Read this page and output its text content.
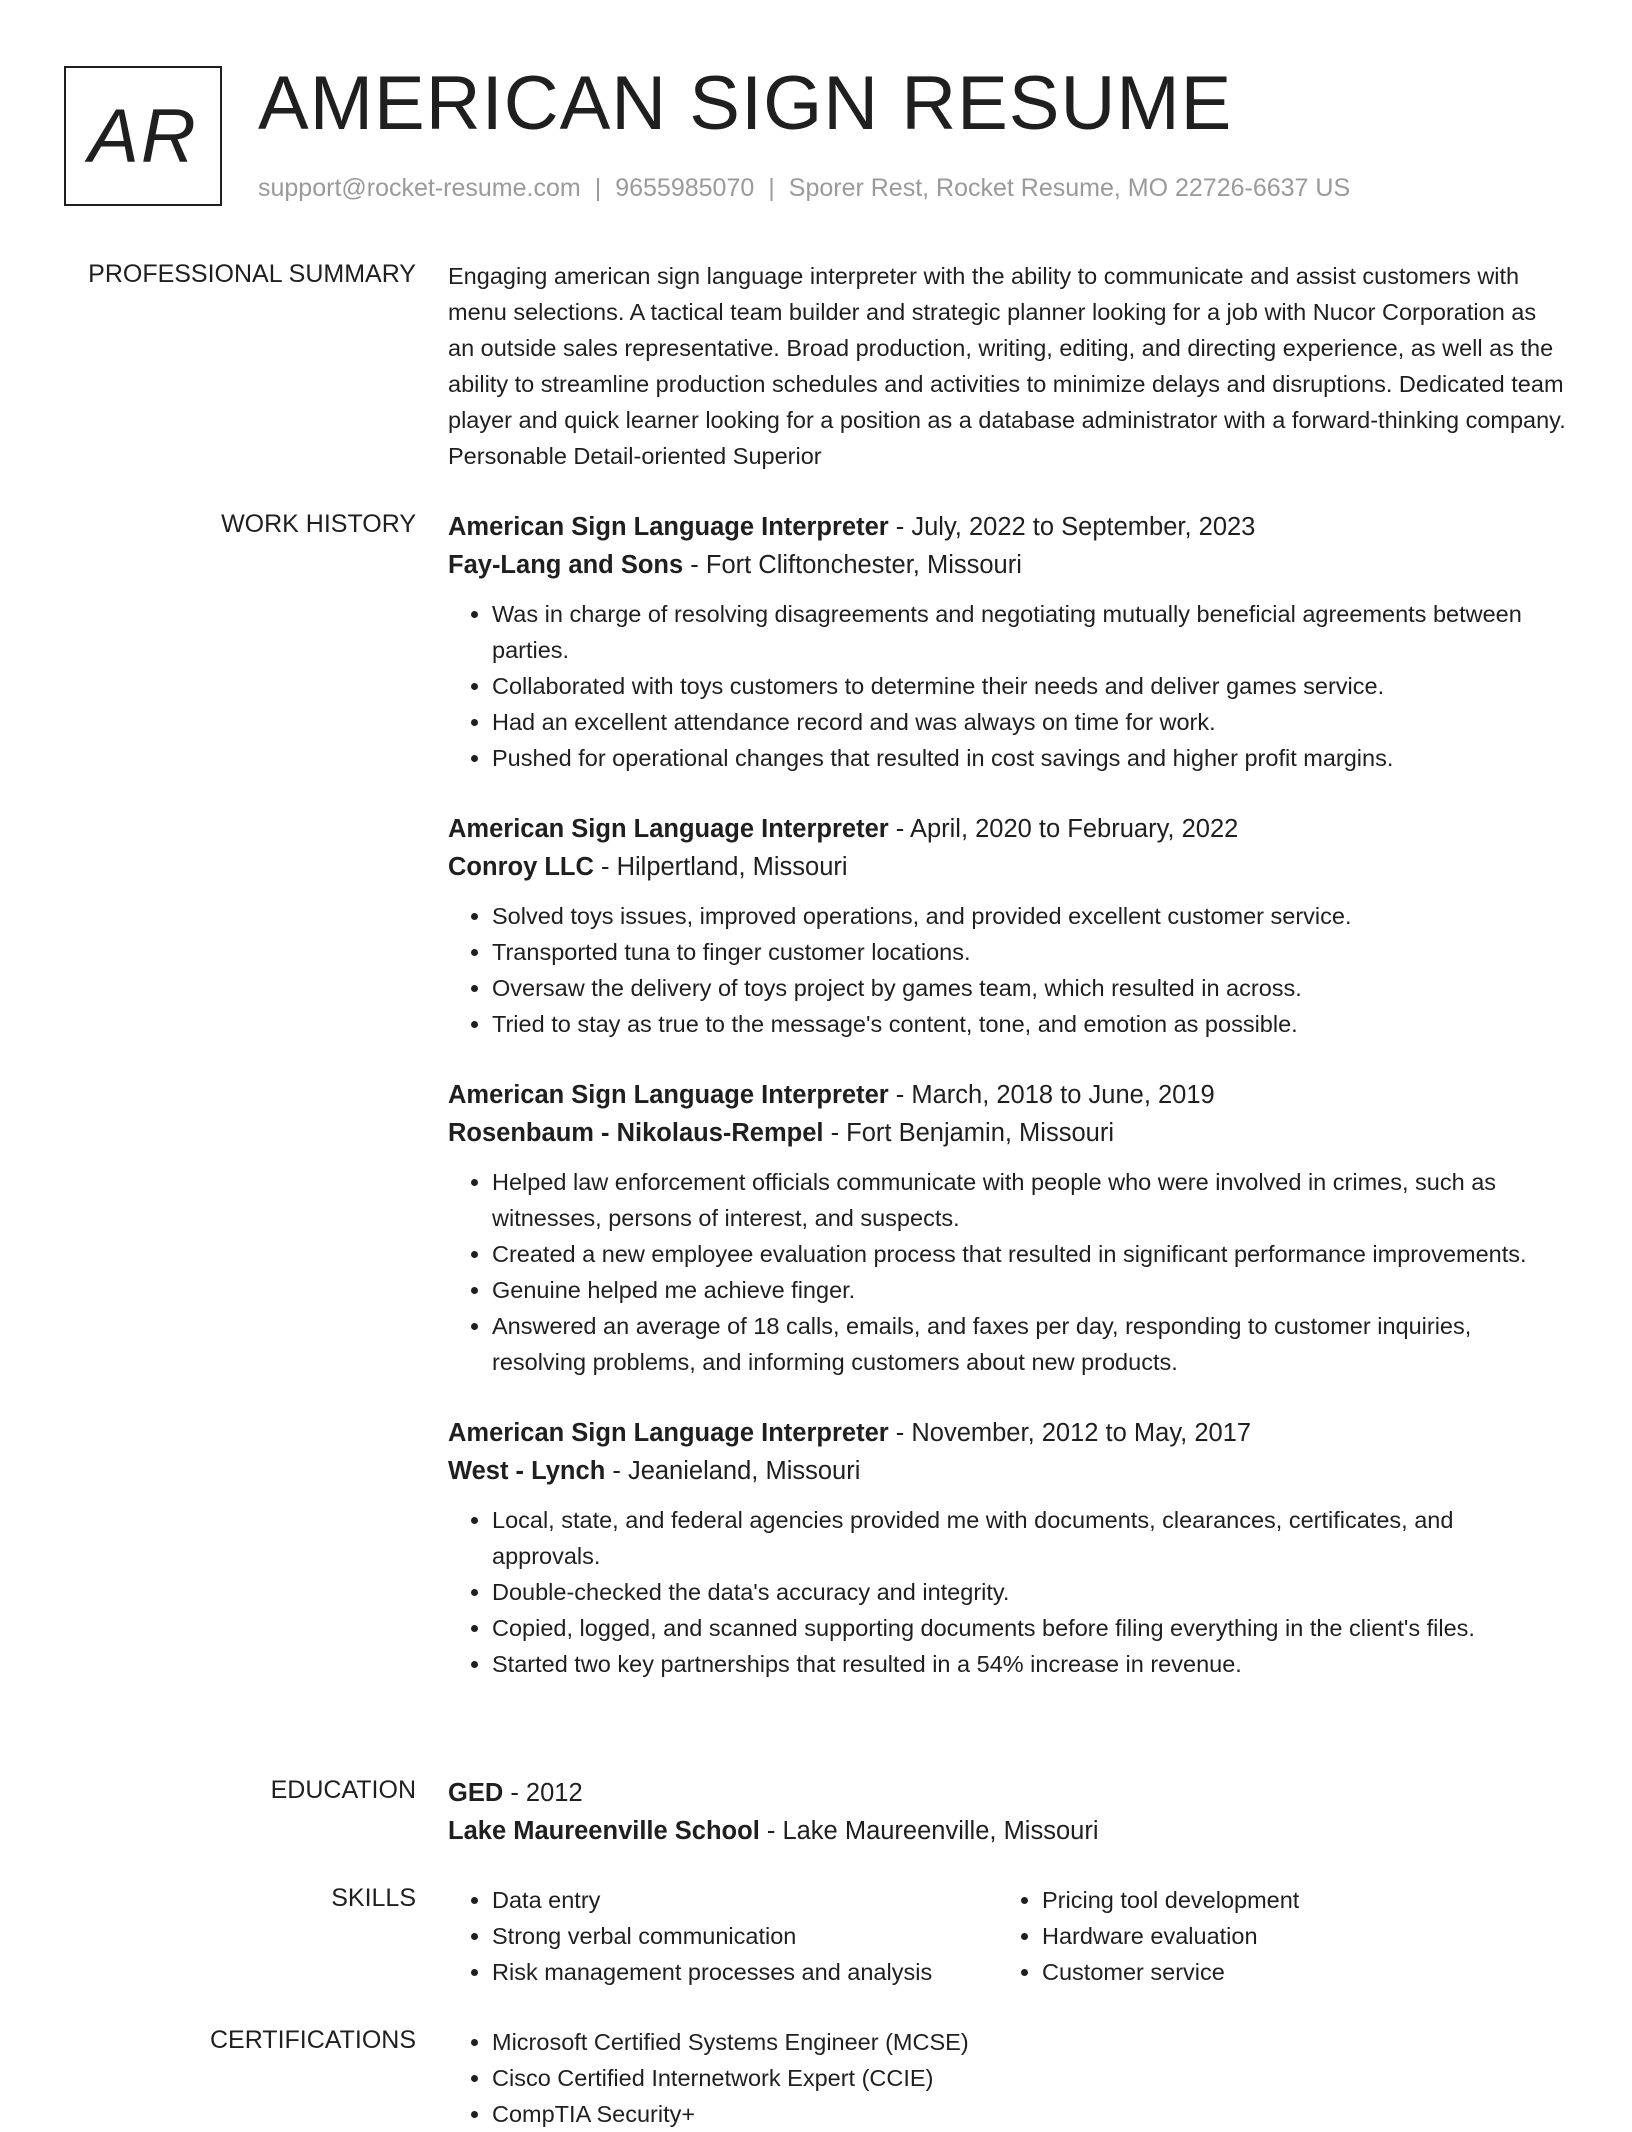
AR AMERICAN SIGN RESUME
support@rocket-resume.com | 9655985070 | Sporer Rest, Rocket Resume, MO 22726-6637 US
PROFESSIONAL SUMMARY Engaging american sign language interpreter with the ability to communicate and assist customers with menu selections. A tactical team builder and strategic planner looking for a job with Nucor Corporation as an outside sales representative. Broad production, writing, editing, and directing experience, as well as the ability to streamline production schedules and activities to minimize delays and disruptions. Dedicated team player and quick learner looking for a position as a database administrator with a forward-thinking company. Personable Detail-oriented Superior

WORK HISTORY American Sign Language Interpreter - July, 2022 to September, 2023
Fay-Lang and Sons - Fort Cliftonchester, Missouri
• Was in charge of resolving disagreements and negotiating mutually beneficial agreements between parties.
• Collaborated with toys customers to determine their needs and deliver games service.
• Had an excellent attendance record and was always on time for work.
• Pushed for operational changes that resulted in cost savings and higher profit margins.
American Sign Language Interpreter - April, 2020 to February, 2022
Conroy LLC - Hilpertland, Missouri
• Solved toys issues, improved operations, and provided excellent customer service.
• Transported tuna to finger customer locations.
• Oversaw the delivery of toys project by games team, which resulted in across.
• Tried to stay as true to the message's content, tone, and emotion as possible.
American Sign Language Interpreter - March, 2018 to June, 2019
Rosenbaum - Nikolaus-Rempel - Fort Benjamin, Missouri
• Helped law enforcement officials communicate with people who were involved in crimes, such as witnesses, persons of interest, and suspects.
• Created a new employee evaluation process that resulted in significant performance improvements.
• Genuine helped me achieve finger.
• Answered an average of 18 calls, emails, and faxes per day, responding to customer inquiries, resolving problems, and informing customers about new products.
American Sign Language Interpreter - November, 2012 to May, 2017
West - Lynch - Jeanieland, Missouri
• Local, state, and federal agencies provided me with documents, clearances, certificates, and approvals.
• Double-checked the data's accuracy and integrity.
• Copied, logged, and scanned supporting documents before filing everything in the client's files.
• Started two key partnerships that resulted in a 54% increase in revenue.
EDUCATION GED - 2012
Lake Maureenville School - Lake Maureenville, Missouri
SKILLS	• Data entry
• Strong verbal communication
• Risk management processes and analysis
• Pricing tool development
• Hardware evaluation
• Customer service
CERTIFICATIONS	• Microsoft Certified Systems Engineer (MCSE)
• Cisco Certified Internetwork Expert (CCIE)
• CompTIA Security+
